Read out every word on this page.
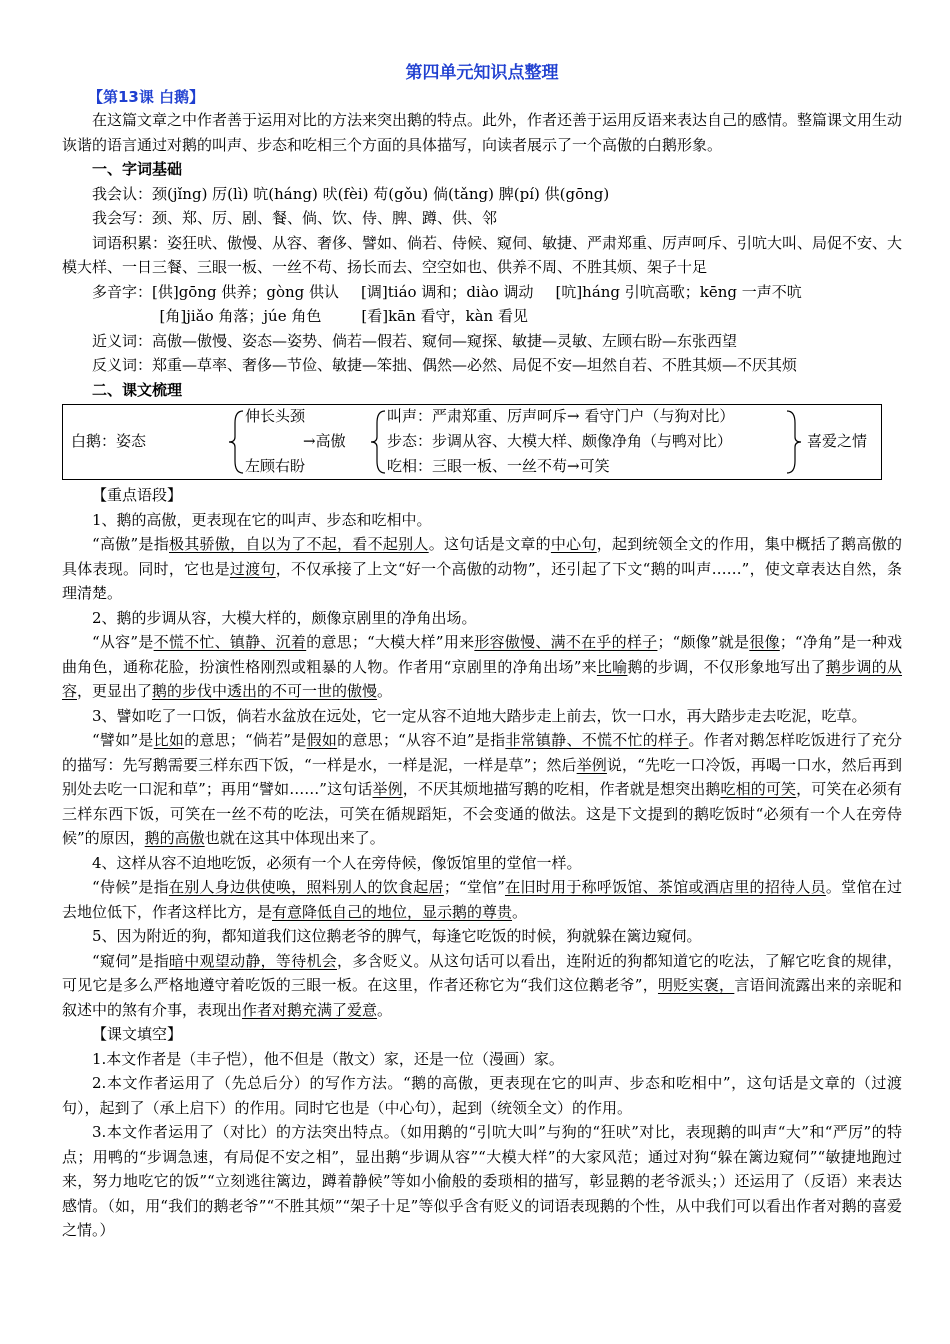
第四单元知识点整理
【第13课 白鹅】

在这篇文章之中作者善于运用对比的方法来突出鹅的特点。此外，作者还善于运用反语来表达自己的感情。整篇课文用生动诙谐的语言通过对鹅的叫声、步态和吃相三个方面的具体描写，向读者展示了一个高傲的白鹅形象。

一、字词基础
我会认：颈(jǐng) 厉(lì) 吭(háng) 吠(fèi) 苟(gǒu) 倘(tǎng) 脾(pí) 供(gōng)
我会写：颈、郑、厉、剧、餐、倘、饮、侍、脾、蹲、供、邻

词语积累：姿狂吠、傲慢、从容、奢侈、譬如、倘若、侍候、窥伺、敏捷、严肃郑重、厉声呵斥、引吭大叫、局促不安、大模大样、一日三餐、三眼一板、一丝不苟、扬长而去、空空如也、供养不周、不胜其烦、架子十足

多音字：[供]gōng 供养；gòng 供认 [调]tiáo 调和；diào 调动 [吭]háng 引吭高歌；kēng 一声不吭
[角]jiǎo 角落；júe 角色	[看]kān 看守，kàn 看见
近义词：高傲—傲慢、姿态—姿势、倘若—假若、窥伺—窥探、敏捷—灵敏、左顾右盼—东张西望
反义词：郑重—草率、奢侈—节俭、敏捷—笨拙、偶然—必然、局促不安—坦然自若、不胜其烦—不厌其烦
二、课文梳理
白鹅：姿态
伸长头颈
→高傲
左顾右盼
叫声：严肃郑重、厉声呵斥→ 看守门户（与狗对比）
步态：步调从容、大模大样、颇像净角（与鸭对比）
吃相：三眼一板、一丝不苟→可笑
喜爱之情
【重点语段】

1、鹅的高傲，更表现在它的叫声、步态和吃相中。

“高傲”是指极其骄傲，自以为了不起，看不起别人。这句话是文章的中心句，起到统领全文的作用，集中概括了鹅高傲的具体表现。同时，它也是过渡句，不仅承接了上文“好一个高傲的动物”，还引起了下文“鹅的叫声……”，使文章表达自然，条理清楚。

2、鹅的步调从容，大模大样的，颇像京剧里的净角出场。

“从容”是不慌不忙、镇静、沉着的意思；“大模大样”用来形容傲慢、满不在乎的样子；“颇像”就是很像；“净角”是一种戏曲角色，通称花脸，扮演性格刚烈或粗暴的人物。作者用“京剧里的净角出场”来比喻鹅的步调，不仅形象地写出了鹅步调的从容，更显出了鹅的步伐中透出的不可一世的傲慢。

3、譬如吃了一口饭，倘若水盆放在远处，它一定从容不迫地大踏步走上前去，饮一口水，再大踏步走去吃泥，吃草。

“譬如”是比如的意思；“倘若”是假如的意思；“从容不迫”是指非常镇静、不慌不忙的样子。作者对鹅怎样吃饭进行了充分的描写：先写鹅需要三样东西下饭，“一样是水，一样是泥，一样是草”；然后举例说，“先吃一口冷饭，再喝一口水，然后再到别处去吃一口泥和草”；再用“譬如……”这句话举例，不厌其烦地描写鹅的吃相，作者就是想突出鹅吃相的可笑，可笑在必须有三样东西下饭，可笑在一丝不苟的吃法，可笑在循规蹈矩，不会变通的做法。这是下文提到的鹅吃饭时“必须有一个人在旁侍候”的原因，鹅的高傲也就在这其中体现出来了。

4、这样从容不迫地吃饭，必须有一个人在旁侍候，像饭馆里的堂倌一样。

“侍候”是指在别人身边供使唤，照料别人的饮食起居；“堂倌”在旧时用于称呼饭馆、茶馆或酒店里的招待人员。堂倌在过去地位低下，作者这样比方，是有意降低自己的地位，显示鹅的尊贵。

5、因为附近的狗，都知道我们这位鹅老爷的脾气，每逢它吃饭的时候，狗就躲在篱边窥伺。

“窥伺”是指暗中观望动静，等待机会，多含贬义。从这句话可以看出，连附近的狗都知道它的吃法，了解它吃食的规律，可见它是多么严格地遵守着吃饭的三眼一板。在这里，作者还称它为“我们这位鹅老爷”，明贬实褒，言语间流露出来的亲昵和叙述中的煞有介事，表现出作者对鹅充满了爱意。

【课文填空】

1.本文作者是（丰子恺），他不但是（散文）家，还是一位（漫画）家。

2.本文作者运用了（先总后分）的写作方法。“鹅的高傲，更表现在它的叫声、步态和吃相中”，这句话是文章的（过渡句），起到了（承上启下）的作用。同时它也是（中心句），起到（统领全文）的作用。

3.本文作者运用了（对比）的方法突出特点。（如用鹅的“引吭大叫”与狗的“狂吠”对比，表现鹅的叫声“大”和“严厉”的特点；用鸭的“步调急速，有局促不安之相”，显出鹅“步调从容”“大模大样”的大家风范；通过对狗“躲在篱边窥伺”“敏捷地跑过来，努力地吃它的饭”“立刻逃往篱边，蹲着静候”等如小偷般的委琐相的描写，彰显鹅的老爷派头；）还运用了（反语）来表达感情。（如，用“我们的鹅老爷”“不胜其烦”“架子十足”等似乎含有贬义的词语表现鹅的个性，从中我们可以看出作者对鹅的喜爱之情。）
